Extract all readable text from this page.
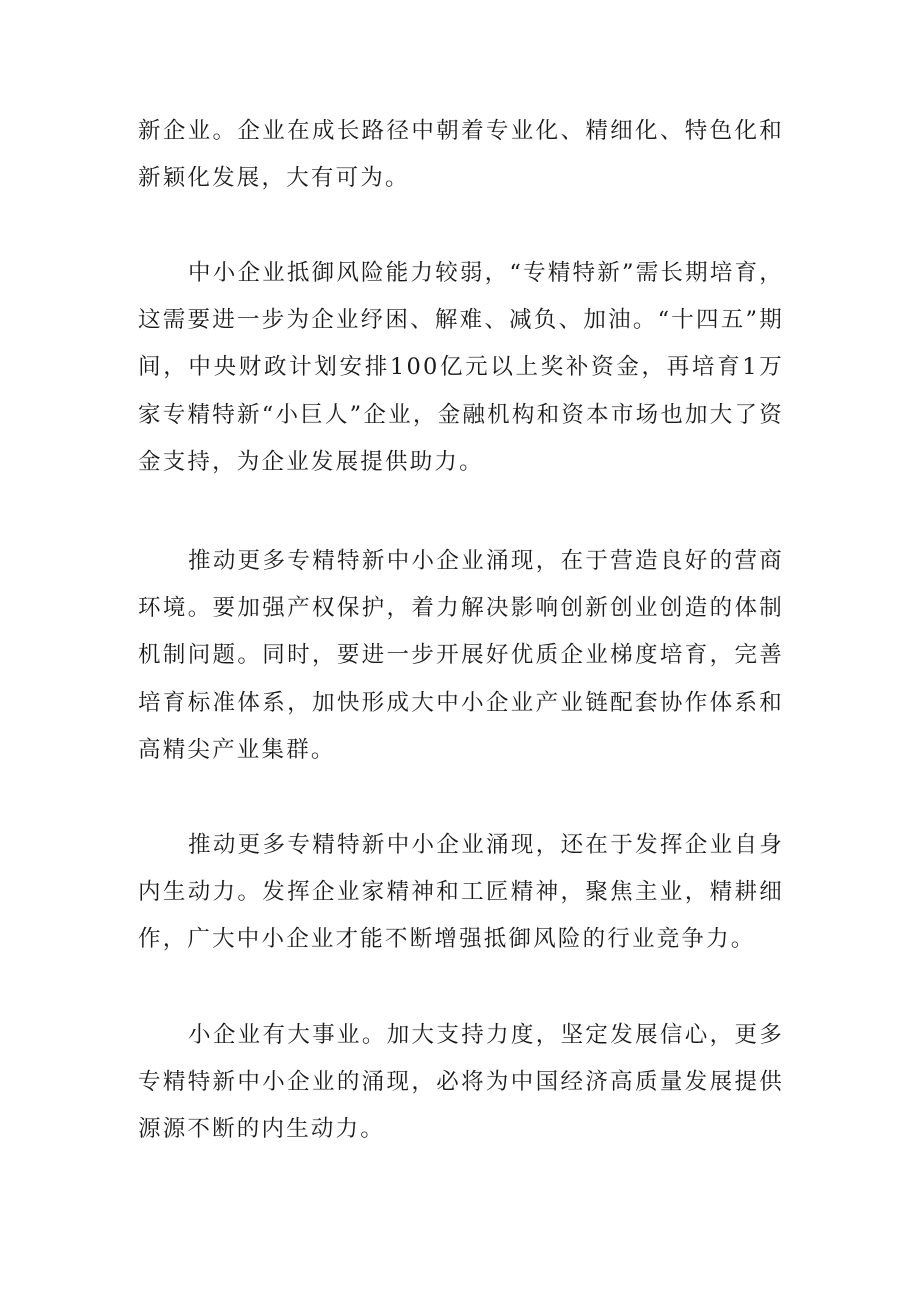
新企业。企业在成长路径中朝着专业化、精细化、特色化和新颖化发展，大有可为。

中小企业抵御风险能力较弱，“专精特新”需长期培育，这需要进一步为企业纾困、解难、减负、加油。“十四五”期间，中央财政计划安排100亿元以上奖补资金，再培育1万家专精特新“小巨人”企业，金融机构和资本市场也加大了资金支持，为企业发展提供助力。

推动更多专精特新中小企业涌现，在于营造良好的营商环境。要加强产权保护，着力解决影响创新创业创造的体制机制问题。同时，要进一步开展好优质企业梯度培育，完善培育标准体系，加快形成大中小企业产业链配套协作体系和高精尖产业集群。

推动更多专精特新中小企业涌现，还在于发挥企业自身内生动力。发挥企业家精神和工匠精神，聚焦主业，精耕细作，广大中小企业才能不断增强抵御风险的行业竞争力。

小企业有大事业。加大支持力度，坚定发展信心，更多专精特新中小企业的涌现，必将为中国经济高质量发展提供源源不断的内生动力。
